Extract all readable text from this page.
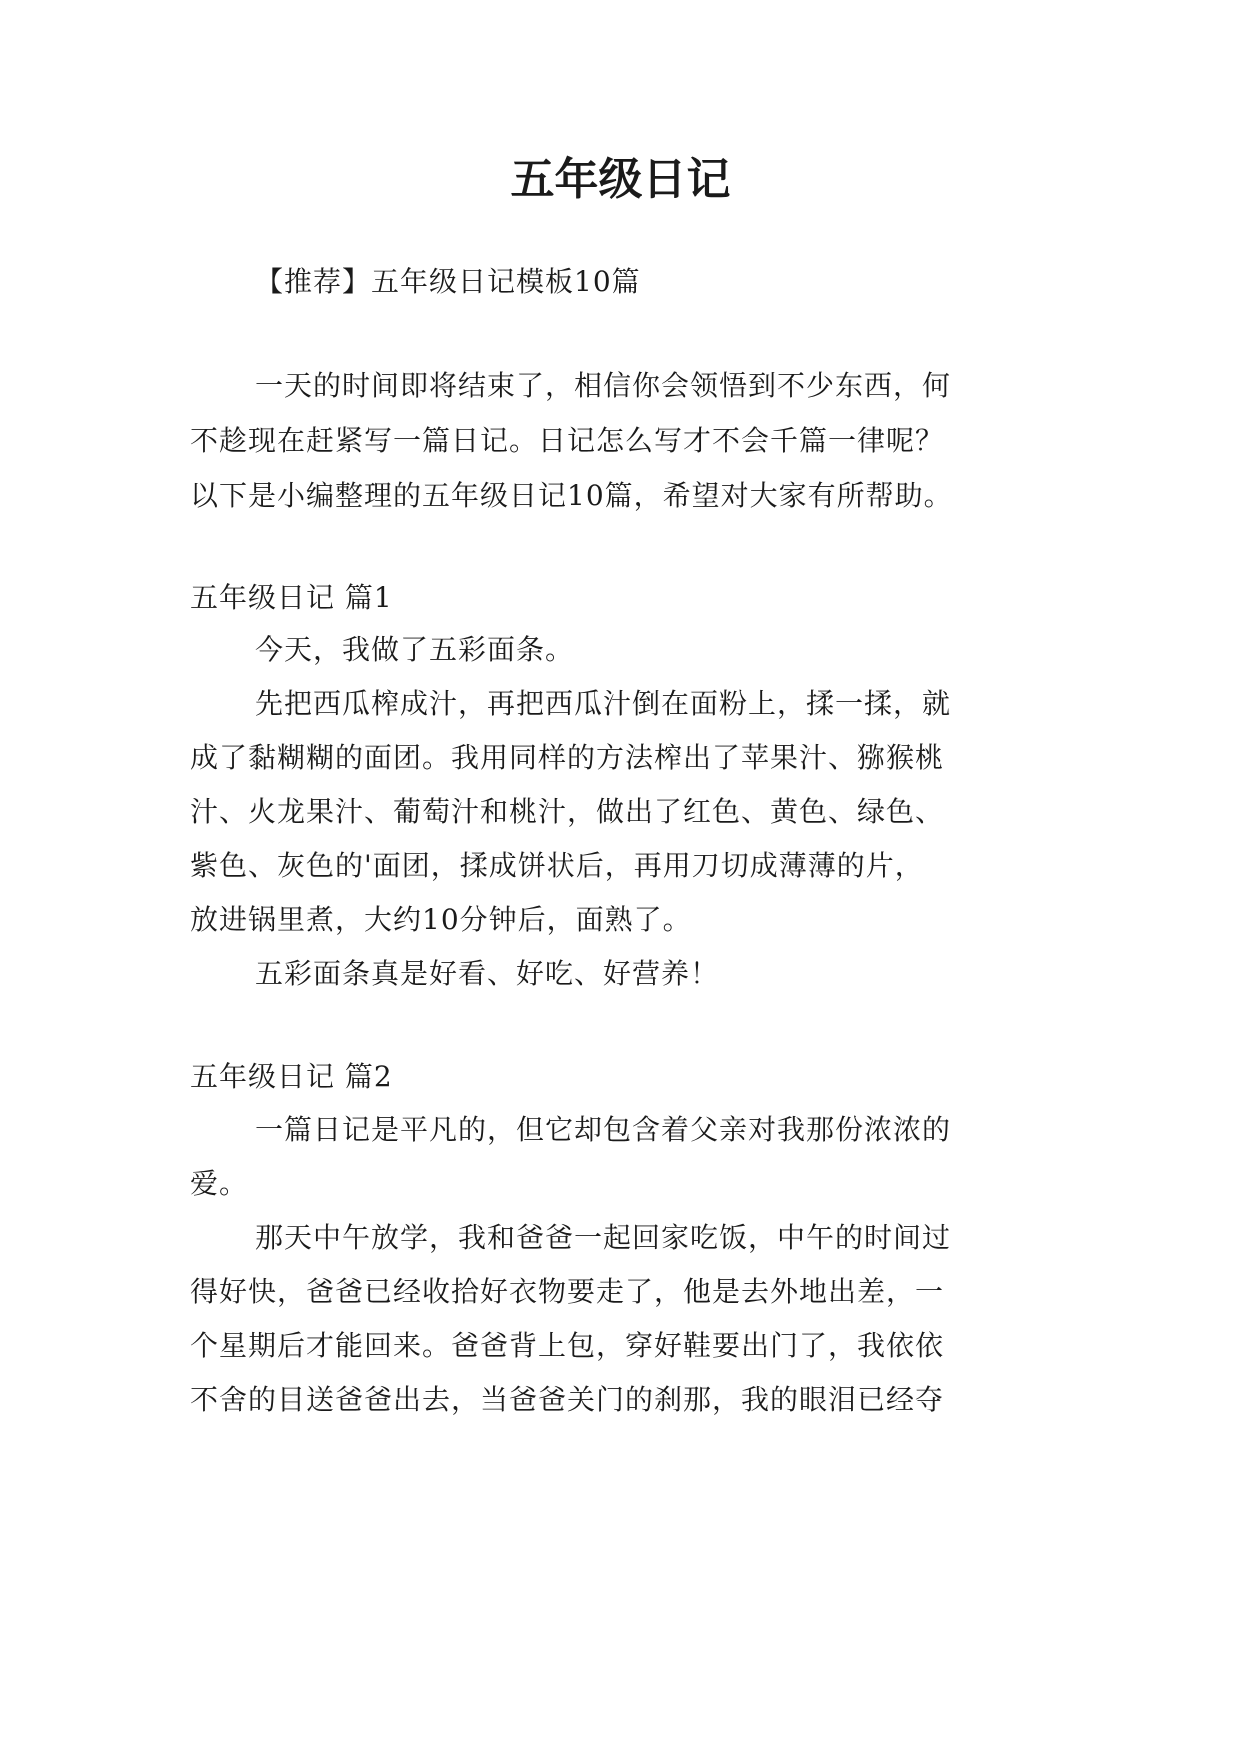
五年级日记
【推荐】五年级日记模板10篇
一天的时间即将结束了，相信你会领悟到不少东西，何
不趁现在赶紧写一篇日记。日记怎么写才不会千篇一律呢？
以下是小编整理的五年级日记10篇，希望对大家有所帮助。
五年级日记 篇1
今天，我做了五彩面条。
先把西瓜榨成汁，再把西瓜汁倒在面粉上，揉一揉，就
成了黏糊糊的面团。我用同样的方法榨出了苹果汁、猕猴桃
汁、火龙果汁、葡萄汁和桃汁，做出了红色、黄色、绿色、
紫色、灰色的'面团，揉成饼状后，再用刀切成薄薄的片，
放进锅里煮，大约10分钟后，面熟了。
五彩面条真是好看、好吃、好营养！
五年级日记 篇2
一篇日记是平凡的，但它却包含着父亲对我那份浓浓的
爱。
那天中午放学，我和爸爸一起回家吃饭，中午的时间过
得好快，爸爸已经收拾好衣物要走了，他是去外地出差，一
个星期后才能回来。爸爸背上包，穿好鞋要出门了，我依依
不舍的目送爸爸出去，当爸爸关门的刹那，我的眼泪已经夺
